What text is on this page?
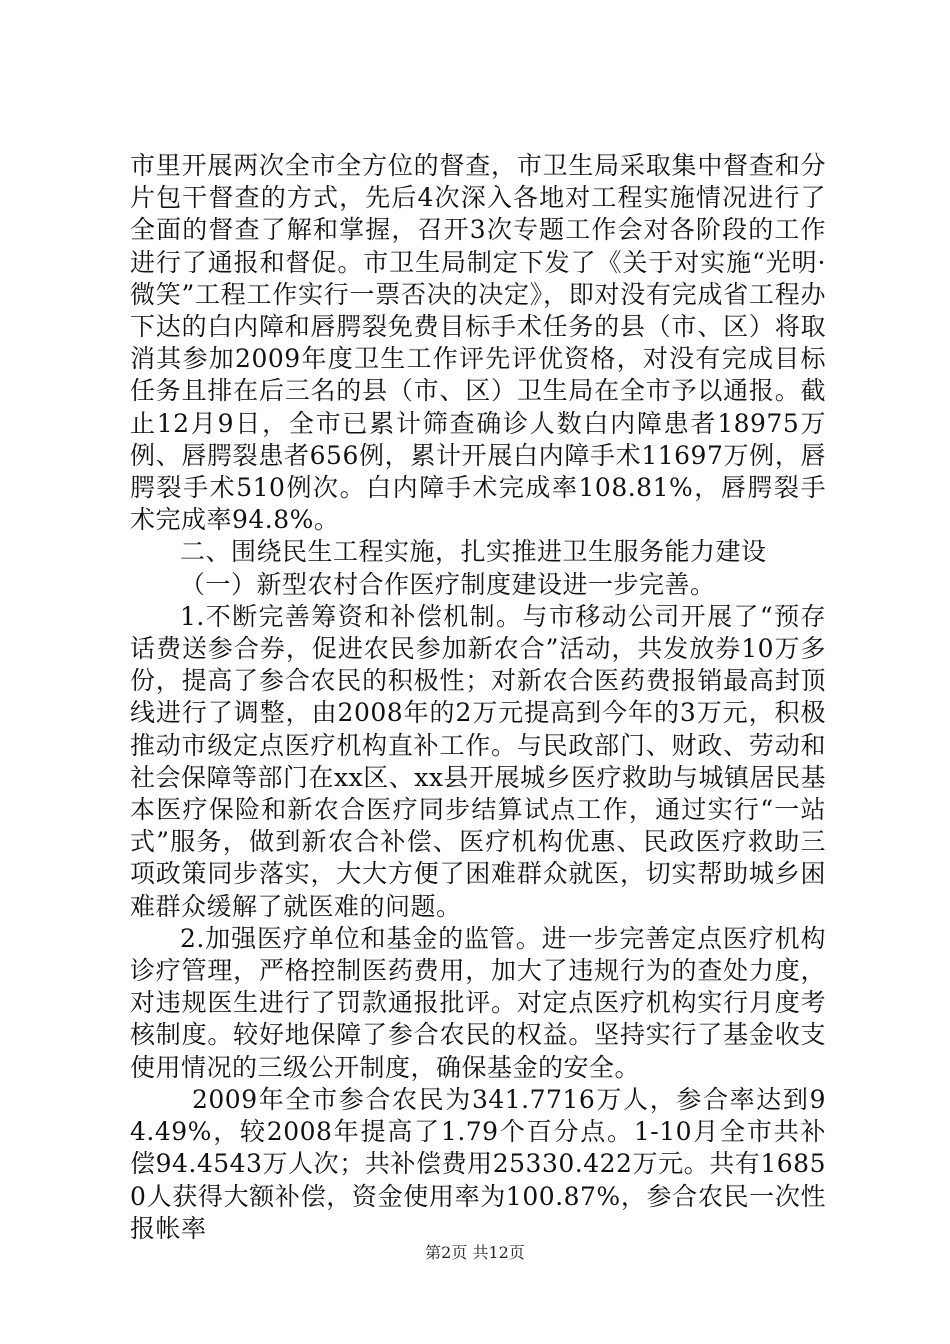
市里开展两次全市全方位的督查，市卫生局采取集中督查和分片包干督查的方式，先后4次深入各地对工程实施情况进行了全面的督查了解和掌握，召开3次专题工作会对各阶段的工作进行了通报和督促。市卫生局制定下发了《关于对实施“光明·微笑”工程工作实行一票否决的决定》，即对没有完成省工程办下达的白内障和唇腭裂免费目标手术任务的县（市、区）将取消其参加2009年度卫生工作评先评优资格，对没有完成目标任务且排在后三名的县（市、区）卫生局在全市予以通报。截止12月9日，全市已累计筛查确诊人数白内障患者18975万例、唇腭裂患者656例，累计开展白内障手术11697万例，唇腭裂手术510例次。白内障手术完成率108.81%，唇腭裂手术完成率94.8%。

二、围绕民生工程实施，扎实推进卫生服务能力建设

（一）新型农村合作医疗制度建设进一步完善。

1.不断完善筹资和补偿机制。与市移动公司开展了“预存话费送参合券，促进农民参加新农合”活动，共发放券10万多份，提高了参合农民的积极性；对新农合医药费报销最高封顶线进行了调整，由2008年的2万元提高到今年的3万元，积极推动市级定点医疗机构直补工作。与民政部门、财政、劳动和社会保障等部门在xx区、xx县开展城乡医疗救助与城镇居民基本医疗保险和新农合医疗同步结算试点工作，通过实行“一站式”服务，做到新农合补偿、医疗机构优惠、民政医疗救助三项政策同步落实，大大方便了困难群众就医，切实帮助城乡困难群众缓解了就医难的问题。

2.加强医疗单位和基金的监管。进一步完善定点医疗机构诊疗管理，严格控制医药费用，加大了违规行为的查处力度，对违规医生进行了罚款通报批评。对定点医疗机构实行月度考核制度。较好地保障了参合农民的权益。坚持实行了基金收支使用情况的三级公开制度，确保基金的安全。

2009年全市参合农民为341.7716万人，参合率达到94.49%，较2008年提高了1.79个百分点。1-10月全市共补偿94.4543万人次；共补偿费用25330.422万元。共有16850人获得大额补偿，资金使用率为100.87%，参合农民一次性报帐率

第2页 共12页
